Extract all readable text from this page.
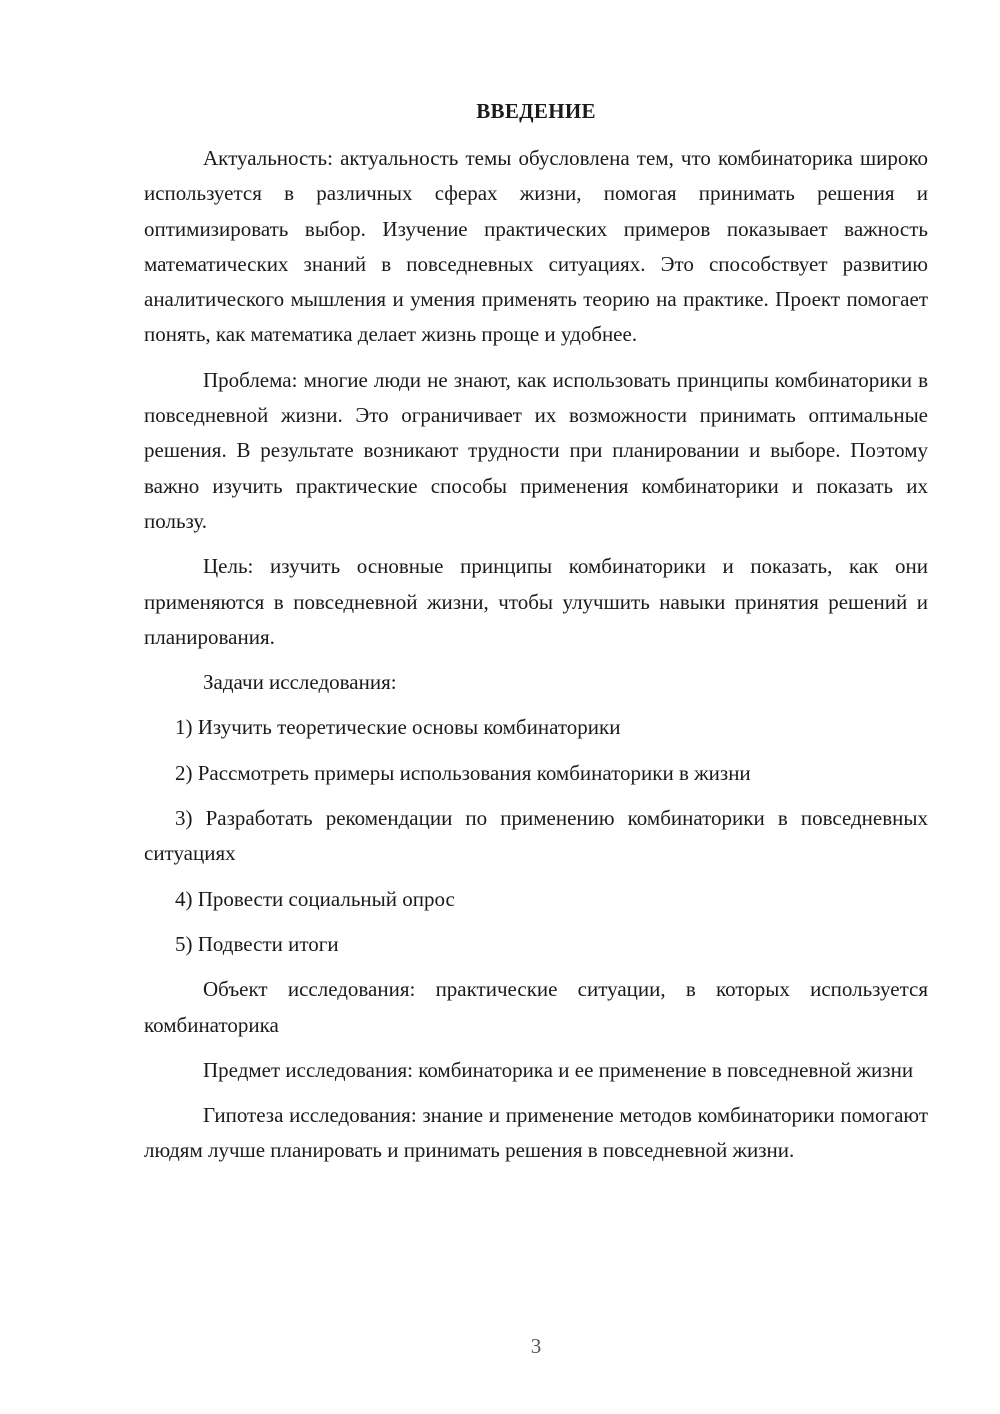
ВВЕДЕНИЕ

Актуальность: актуальность темы обусловлена тем, что комбинаторика широко используется в различных сферах жизни, помогая принимать решения и оптимизировать выбор. Изучение практических примеров показывает важность математических знаний в повседневных ситуациях. Это способствует развитию аналитического мышления и умения применять теорию на практике. Проект помогает понять, как математика делает жизнь проще и удобнее.

Проблема: многие люди не знают, как использовать принципы комбинаторики в повседневной жизни. Это ограничивает их возможности принимать оптимальные решения. В результате возникают трудности при планировании и выборе. Поэтому важно изучить практические способы применения комбинаторики и показать их пользу.

Цель: изучить основные принципы комбинаторики и показать, как они применяются в повседневной жизни, чтобы улучшить навыки принятия решений и планирования.

Задачи исследования:

1) Изучить теоретические основы комбинаторики

2) Рассмотреть примеры использования комбинаторики в жизни

3) Разработать рекомендации по применению комбинаторики в повседневных ситуациях

4) Провести социальный опрос

5) Подвести итоги

Объект исследования: практические ситуации, в которых используется комбинаторика

Предмет исследования: комбинаторика и ее применение в повседневной жизни

Гипотеза исследования: знание и применение методов комбинаторики помогают людям лучше планировать и принимать решения в повседневной жизни.

3
